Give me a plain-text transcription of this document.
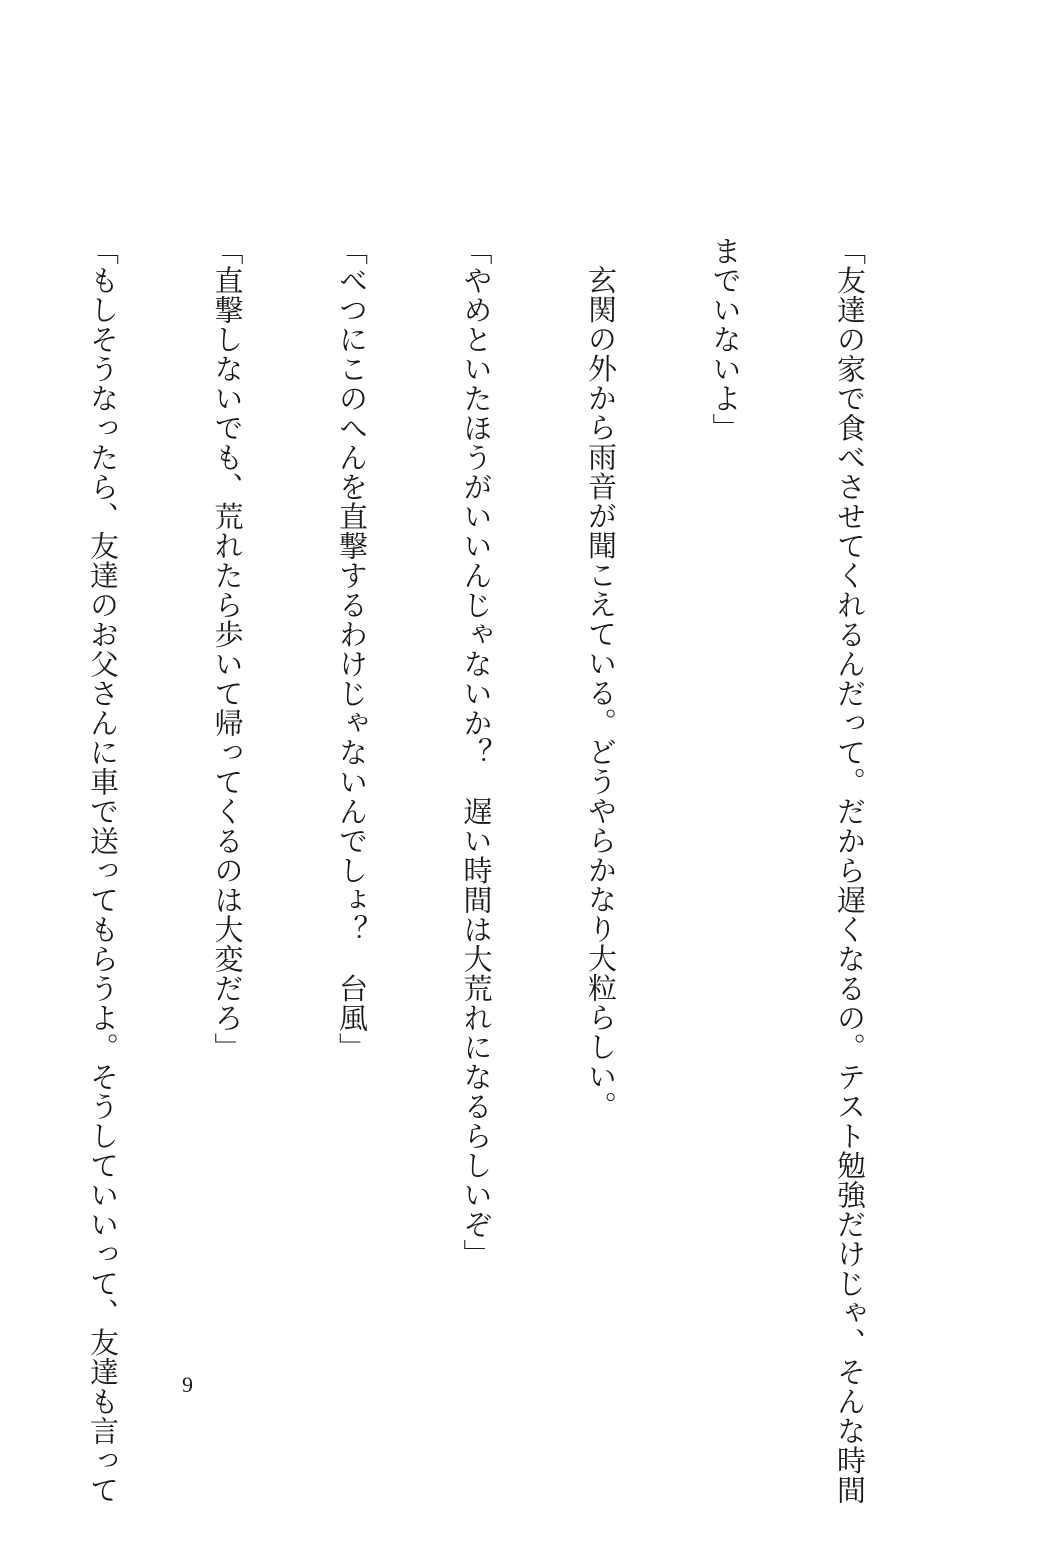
「友達の家で食べさせてくれるんだって。だから遅くなるの。テスト勉強だけじゃ、そんな時間

までいないよ」

玄関の外から雨音が聞こえている。どうやらかなり大粒らしい。

「やめといたほうがいいんじゃないか？　遅い時間は大荒れになるらしいぞ」

「べつにこのへんを直撃するわけじゃないんでしょ？　台風」

「直撃しないでも、荒れたら歩いて帰ってくるのは大変だろ」

「もしそうなったら、友達のお父さんに車で送ってもらうよ。そうしていいって、友達も言って

	9
